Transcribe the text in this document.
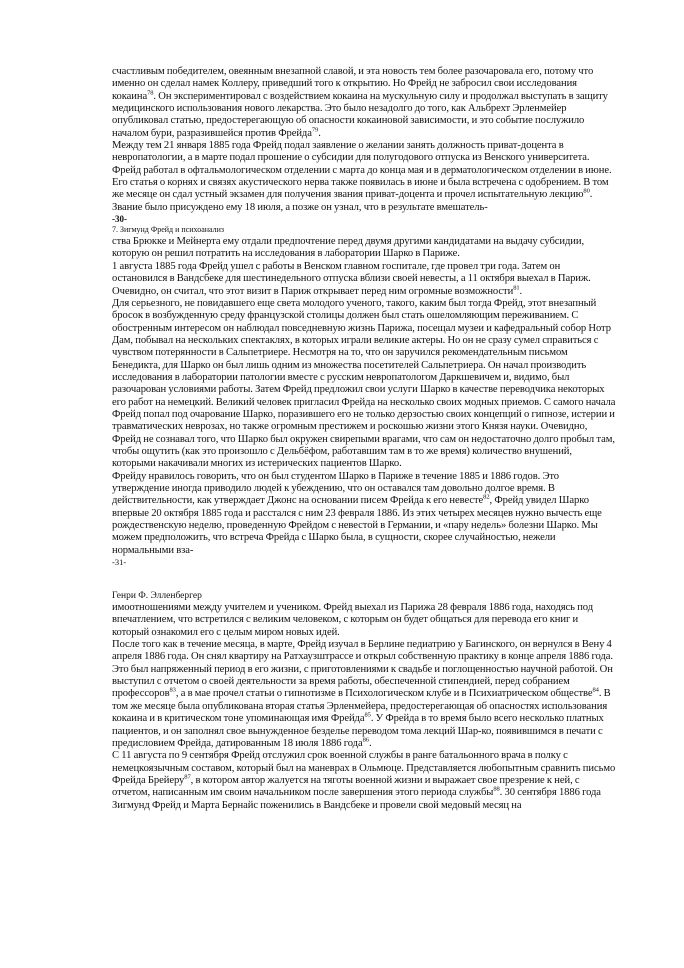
счастливым победителем, овеянным внезапной славой, и эта новость тем более разочаровала его, потому что именно он сделал намек Коллеру, приведший того к открытию. Но Фрейд не забросил свои исследования кокаина$^{78}$. Он экспериментировал с воздействием кокаина на мускульную силу и продолжал выступать в защиту медицинского использования нового лекарства. Это было незадолго до того, как Альбрехт Эрленмейер опубликовал статью, предостерегающую об опасности кокаиновой зависимости, и это событие послужило началом бури, разразившейся против Фрейда$^{79}$.

Между тем 21 января 1885 года Фрейд подал заявление о желании занять должность приват-доцента в невропатологии, а в марте подал прошение о субсидии для полугодового отпуска из Венского университета. Фрейд работал в офтальмологическом отделении с марта до конца мая и в дерматологическом отделении в июне. Его статья о корнях и связях акустического нерва также появилась в июне и была встречена с одобрением. В том же месяце он сдал устный экзамен для получения звания приват-доцента и прочел испытательную лекцию$^{80}$. Звание было присуждено ему 18 июля, а позже он узнал, что в результате вмешатель-

-30-

7. Зигмунд Фрейд и психоанализ

ства Брюкке и Мейнерта ему отдали предпочтение перед двумя другими кандидатами на выдачу субсидии, которую он решил потратить на исследования в лаборатории Шарко в Париже.

1 августа 1885 года Фрейд ушел с работы в Венском главном госпитале, где провел три года. Затем он остановился в Вандсбеке для шестинедельного отпуска вблизи своей невесты, а 11 октября выехал в Париж. Очевидно, он считал, что этот визит в Париж открывает перед ним огромные возможности$^{81}$.

Для серьезного, не повидавшего еще света молодого ученого, такого, каким был тогда Фрейд, этот внезапный бросок в возбужденную среду французской столицы должен был стать ошеломляющим переживанием. С обостренным интересом он наблюдал повседневную жизнь Парижа, посещал музеи и кафедральный собор Нотр Дам, побывал на нескольких спектаклях, в которых играли великие актеры. Но он не сразу сумел справиться с чувством потерянности в Сальпетриере. Несмотря на то, что он заручился рекомендательным письмом Бенедикта, для Шарко он был лишь одним из множества посетителей Сальпетриера. Он начал производить исследования в лаборатории патологии вместе с русским невропатологом Даркшевичем и, видимо, был разочарован условиями работы. Затем Фрейд предложил свои услуги Шарко в качестве переводчика некоторых его работ на немецкий. Великий человек пригласил Фрейда на несколько своих модных приемов. С самого начала Фрейд попал под очарование Шарко, поразившего его не только дерзостью своих концепций о гипнозе, истерии и травматических неврозах, но также огромным престижем и роскошью жизни этого Князя науки. Очевидно, Фрейд не сознавал того, что Шарко был окружен свирепыми врагами, что сам он недостаточно долго пробыл там, чтобы ощутить (как это произошло с Дельбёфом, работавшим там в то же время) количество внушений, которыми накачивали многих из истерических пациентов Шарко.

Фрейду нравилось говорить, что он был студентом Шарко в Париже в течение 1885 и 1886 годов. Это утверждение иногда приводило людей к убеждению, что он оставался там довольно долгое время. В действительности, как утверждает Джонс на основании писем Фрейда к его невесте$^{82}$, Фрейд увидел Шарко впервые 20 октября 1885 года и расстался с ним 23 февраля 1886. Из этих четырех месяцев нужно вычесть еще рождественскую неделю, проведенную Фрейдом с невестой в Германии, и «пару недель» болезни Шарко. Мы можем предположить, что встреча Фрейда с Шарко была, в сущности, скорее случайностью, нежели нормальными вза-

-31-

Генри Ф. Элленбергер

имоотношениями между учителем и учеником. Фрейд выехал из Парижа 28 февраля 1886 года, находясь под впечатлением, что встретился с великим человеком, с которым он будет общаться для перевода его книг и который ознакомил его с целым миром новых идей.

После того как в течение месяца, в марте, Фрейд изучал в Берлине педиатрию у Багинского, он вернулся в Вену 4 апреля 1886 года. Он снял квартиру на Ратхаузштрассе и открыл собственную практику в конце апреля 1886 года. Это был напряженный период в его жизни, с приготовлениями к свадьбе и поглощенностью научной работой. Он выступил с отчетом о своей деятельности за время работы, обеспеченной стипендией, перед собранием профессоров$^{83}$, а в мае прочел статьи о гипнотизме в Психологическом клубе и в Психиатрическом обществе$^{84}$. В том же месяце была опубликована вторая статья Эрленмейера, предостерегающая об опасностях использования кокаина и в критическом тоне упоминающая имя Фрейда$^{85}$. У Фрейда в то время было всего несколько платных пациентов, и он заполнял свое вынужденное безделье переводом тома лекций Шар-ко, появившимся в печати с предисловием Фрейда, датированным 18 июля 1886 года$^{86}$.

С 11 августа по 9 сентября Фрейд отслужил срок военной службы в ранге батальонного врача в полку с немецкоязычным составом, который был на маневрах в Ольмюце. Представляется любопытным сравнить письмо Фрейда Брейеру$^{87}$, в котором автор жалуется на тяготы военной жизни и выражает свое презрение к ней, с отчетом, написанным им своим начальником после завершения этого периода службы$^{88}$. 30 сентября 1886 года Зигмунд Фрейд и Марта Бернайс поженились в Вандсбеке и провели свой медовый месяц на
